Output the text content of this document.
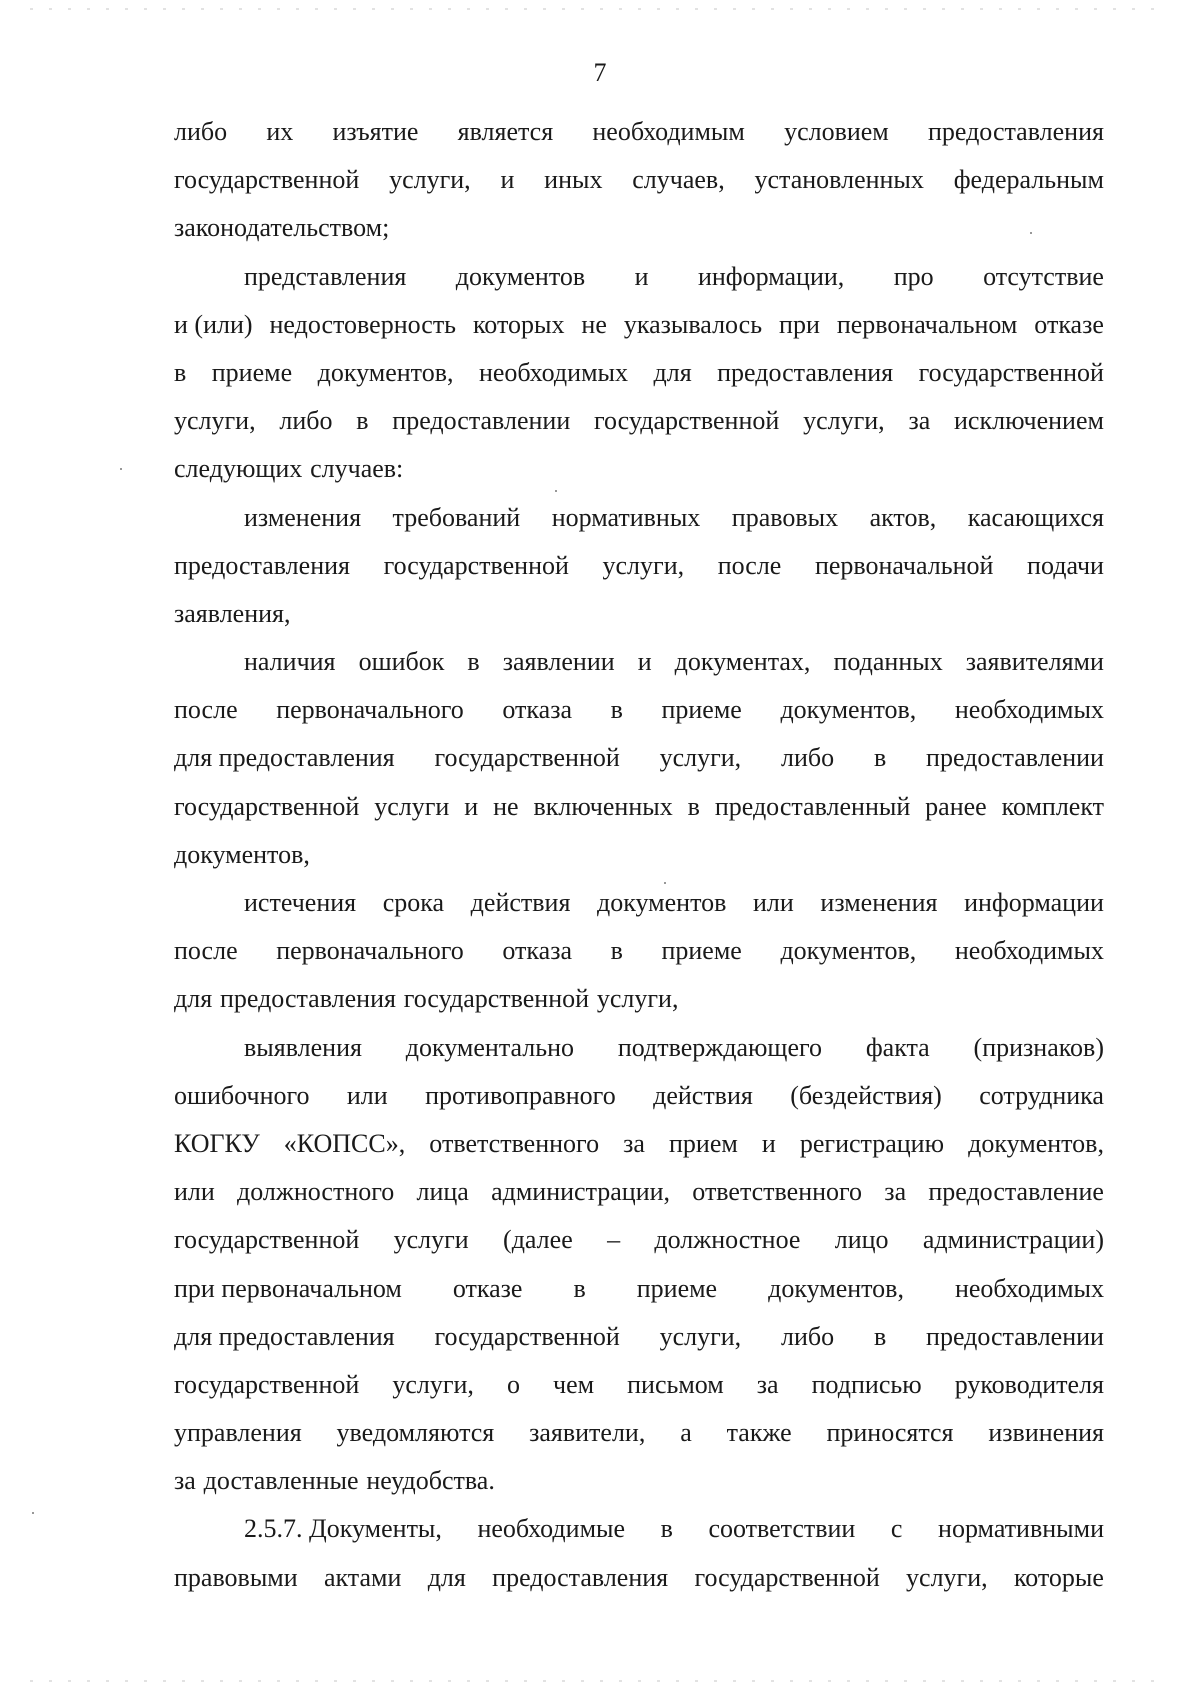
7
либо их изъятие является необходимым условием предоставления
государственной услуги, и иных случаев, установленных федеральным
законодательством;
представления документов и информации, про отсутствие
и (или) недостоверность которых не указывалось при первоначальном отказе
в приеме документов, необходимых для предоставления государственной
услуги, либо в предоставлении государственной услуги, за исключением
следующих случаев:
изменения требований нормативных правовых актов, касающихся
предоставления государственной услуги, после первоначальной подачи
заявления,
наличия ошибок в заявлении и документах, поданных заявителями
после первоначального отказа в приеме документов, необходимых
для предоставления государственной услуги, либо в предоставлении
государственной услуги и не включенных в предоставленный ранее комплект
документов,
истечения срока действия документов или изменения информации
после первоначального отказа в приеме документов, необходимых
для предоставления государственной услуги,
выявления документально подтверждающего факта (признаков)
ошибочного или противоправного действия (бездействия) сотрудника
КОГКУ «КОПСС», ответственного за прием и регистрацию документов,
или должностного лица администрации, ответственного за предоставление
государственной услуги (далее – должностное лицо администрации)
при первоначальном отказе в приеме документов, необходимых
для предоставления государственной услуги, либо в предоставлении
государственной услуги, о чем письмом за подписью руководителя
управления уведомляются заявители, а также приносятся извинения
за доставленные неудобства.
2.5.7. Документы, необходимые в соответствии с нормативными
правовыми актами для предоставления государственной услуги, которые
